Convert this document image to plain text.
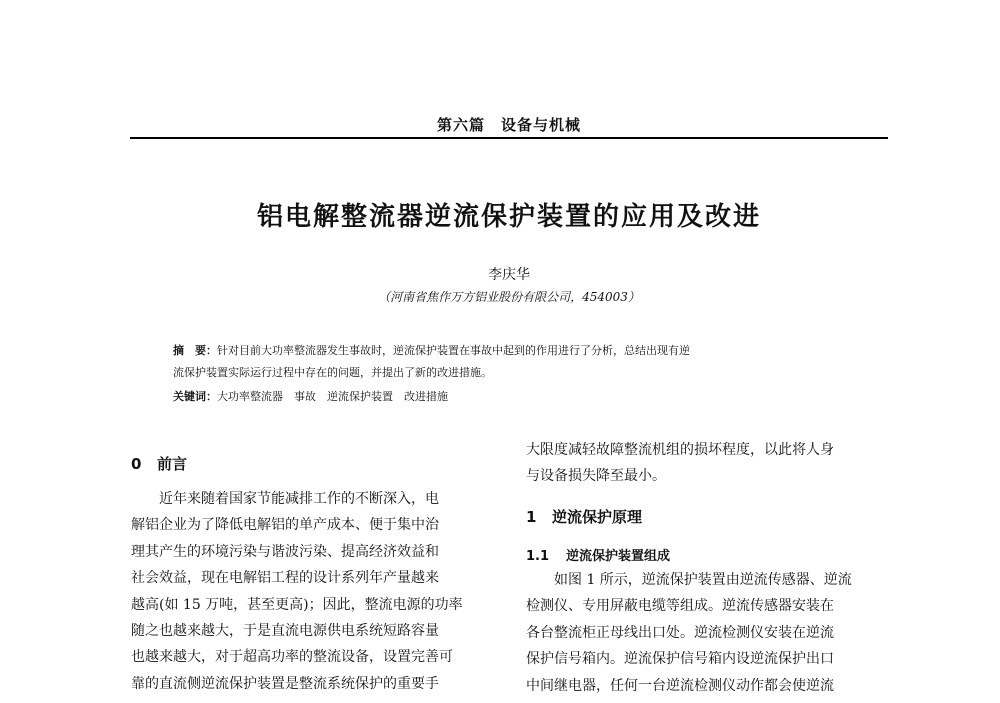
第六篇　设备与机械
铝电解整流器逆流保护装置的应用及改进
李庆华
（河南省焦作万方铝业股份有限公司，454003）
摘　要：针对目前大功率整流器发生事故时，逆流保护装置在事故中起到的作用进行了分析，总结出现有逆
流保护装置实际运行过程中存在的问题，并提出了新的改进措施。
关键词：大功率整流器　事故　逆流保护装置　改进措施
0 前言

近年来随着国家节能减排工作的不断深入，电

解铝企业为了降低电解铝的单产成本、便于集中治

理其产生的环境污染与谐波污染、提高经济效益和

社会效益，现在电解铝工程的设计系列年产量越来

越高(如 15 万吨，甚至更高)；因此，整流电源的功率

随之也越来越大，于是直流电源供电系统短路容量

也越来越大，对于超高功率的整流设备，设置完善可

靠的直流侧逆流保护装置是整流系统保护的重要手

大限度减轻故障整流机组的损坏程度，以此将人身

与设备损失降至最小。

1 逆流保护原理
1.1 逆流保护装置组成

　　如图 1 所示，逆流保护装置由逆流传感器、逆流

检测仪、专用屏蔽电缆等组成。逆流传感器安装在

各台整流柜正母线出口处。逆流检测仪安装在逆流

保护信号箱内。逆流保护信号箱内设逆流保护出口

中间继电器，任何一台逆流检测仪动作都会使逆流
